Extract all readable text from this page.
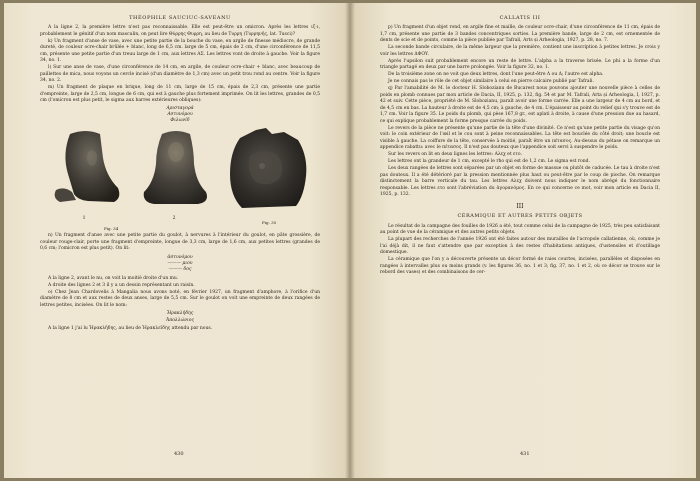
THÉOPHILE SAUCIUC-SAVEANU

A la ligne 2, la première lettre n'est pas reconnaissable. Elle est peut-être un omicron. Après les lettres ιζ·ι, probablement le génitif d'un nom masculin, on peut lire Θύρρης Θυρρη, au lieu de Τυρρη (Τυρρηνῆς, lat. Tusci)?

k) Un fragment d'anse de vase, avec une petite partie de la bouche du vase, en argile de finesse médiocre, de grande dureté, de couleur ocre-chair brûlée + blanc, long de 6,5 cm. large de 5 cm, épais de 2 cm, d'une circonférence de 11,5 cm, présente une petite partie d'un treuu large de 1 cm, aux lettres ΑΣ. Les lettres vont de droite à gauche. Voir la figure 34, no. 1.

l) Sur une anse de vase, d'une circonférence de 14 cm, en argile, de couleur ocre-chair + blanc, avec beaucoup de paillettes de mica, nous voyons un cercle incisé (d'un diamètre de 1,3 cm) avec un petit trou rond au centre. Voir la figure 34, no. 2.

m) Un fragment de plaque en brique, long de 11 cm, large de 15 cm, épais de 2,3 cm, présente une partie d'empreinte, large de 2,5 cm, longue de 6 cm, qui est à gauche plus fortement imprimée. On lit les lettres, grandes de 0,5 cm (l'omicron est plus petit, le sigma aux barres extérieures obliques):

Αρισταγορά
Αστυνόμου
Φιλωνίδ
1	2
Fig. 34
Fig. 35

n) Un fragment d'anse avec une petite partie du goulot, à nervures à l'intérieur du goulot, en pâte grossière, de couleur rouge-clair, porte une fragment d'empreinte, longue de 3,3 cm, large de 1,6 cm, aux petites lettres (grandes de 0,6 cm; l'omicron est plus petit). On lit:

ἀστυνόμου
——— μιου
——— δος

A la ligne 2, avant le nu, on voit la moitié droite d'un mu.

A droite des lignes 2 et 3 il y a un dessin représentant un raisin.

o) Chez Jean Chardovelis à Mangalia nous avons noté, en février 1927, un fragment d'amphore, à l'orifice d'un diamètre de 8 cm et aux restes de deux anses, large de 5,5 cm. Sur le goulot on voit une empreinte de deux rangées de lettres petites, incisées. On lit le nom:

Ἡρακλῆδης
Ἀπολλώνιος

A la ligne 1 j'ai lu Ἡρακλῆδης, au lieu de Ἡρακλεῖδης attendu par nous.

430
CALLATIS III

p) Un fragment d'un objet rond, en argile fine et maille, de couleur ocre-chair, d'une circonférence de 11 cm, épais de 1,7 cm, présente une partie de 3 bandes concentriques sorties. La première bande, large de 2 cm, est ornementée de dents de scie et de points, comme la pièce publiée par Tafrali, Arts și Arheologia, 1927, p. 28, no. 7.

La seconde bande circulaire, de la même largeur que la première, contient une inscription à petites lettres. Je crois y voir les lettres ΔΦΟΥ.

Après l'upsilon suit probablement encore un reste de lettre. L'alpha a la traverse brisée. Le phi a la forme d'un triangle partagé en deux par une barre prolongée. Voir la figure 32, no. 1.

De la troisième zone on ne voit que deux lettres, dont l'une peut-être Λ ou Δ; l'autre est alpha.

Je ne connais pas le rôle de cet objet similaire à celui en pierre calcaire publié par Tafrali.

q) Par l'amabilité de M. le docteur H. Slobozianu de Bucarest nous pouvons ajouter une nouvelle pièce à celles de poids en plomb connues par mon article de Dacia, II, 1925, p. 132, fig. 54 et par M. Tafrali, Arta și Arheologia, I, 1927, p. 42 et suiv. Cette pièce, propriété de M. Slobozianu, paraît avoir une forme carrée. Elle a une largeur de 4 cm au bord, et de 4,5 cm en bas. La hauteur à droite est de 4,5 cm; à gauche, de 4 cm. L'épaisseur au point du relief qui s'y trouve est de 1,7 cm. Voir la figure 35. Le poids du plomb, qui pèse 167,8 gr., est aplati à droite, à cause d'une pression due au hasard, ce qui explique probablement la forme presque carrée du poids.

Le revers de la pièce ne présente qu'une partie de la tête d'une divinité. Ce n'est qu'une petite partie du visage qu'on voit: le coin extérieur de l'œil et le cou sont à peine reconnaissables. La tête est bouclée du côté droit; une boucle est visible à gauche. La coiffure de la tête, conservée à moitié, paraît être un πέτασος. Au-dessus du pétase on remarque un appendice rabattu: avec le πέτασος. Il n'est pas douteux que l'appendice soit servi à suspendre le poids.

Sur les revers on lit en deux lignes les lettres: Αλεχ et ετο.

Les lettres ont la grandeur de 1 cm, excepté le rho qui est de 1,2 cm. Le sigma est rond.

Les deux rangées de lettres sont séparées par un objet en forme de massue ou plutôt de caducée. Le tau à droite n'est pas douteux. Il a été détérioré par la pression mentionnée plus haut ou peut-être par le coup de pioche. On remarque distinctement la barre verticale du tau. Les lettres Αλεχ doivent nous indiquer le nom abrégé du fonctionnaire responsable. Les lettres ετο sont l'abréviation du ἀγορανόμος. En ce qui concerne ce mot, voir mon article en Dacia II, 1925, p. 132.

III
CÉRAMIQUE ET AUTRES PETITS OBJETS

Le résultat de la campagne des fouilles de 1926 a été, tout comme celui de la campagne de 1925, très peu satisfaisant au point de vue de la céramique et des autres petits objets.

La plupart des recherches de l'année 1926 ont été faites autour des murailles de l'acropole callatienne, où, comme je l'ai déjà dit, il ne faut s'attendre que par exception à des restes d'habitations antiques, d'ustensiles et d'outillage domestique.

La céramique que l'on y a découverte présente un décor formé de raies courtes, incisées, parallèles et disposées en rangées à intervalles plus ou moins grands (v. les figures 36, no. 1 et 3; fig. 37, no. 1 et 2, où ce décor se trouve sur le rebord des vases) et des combinaisons de cer-

431
